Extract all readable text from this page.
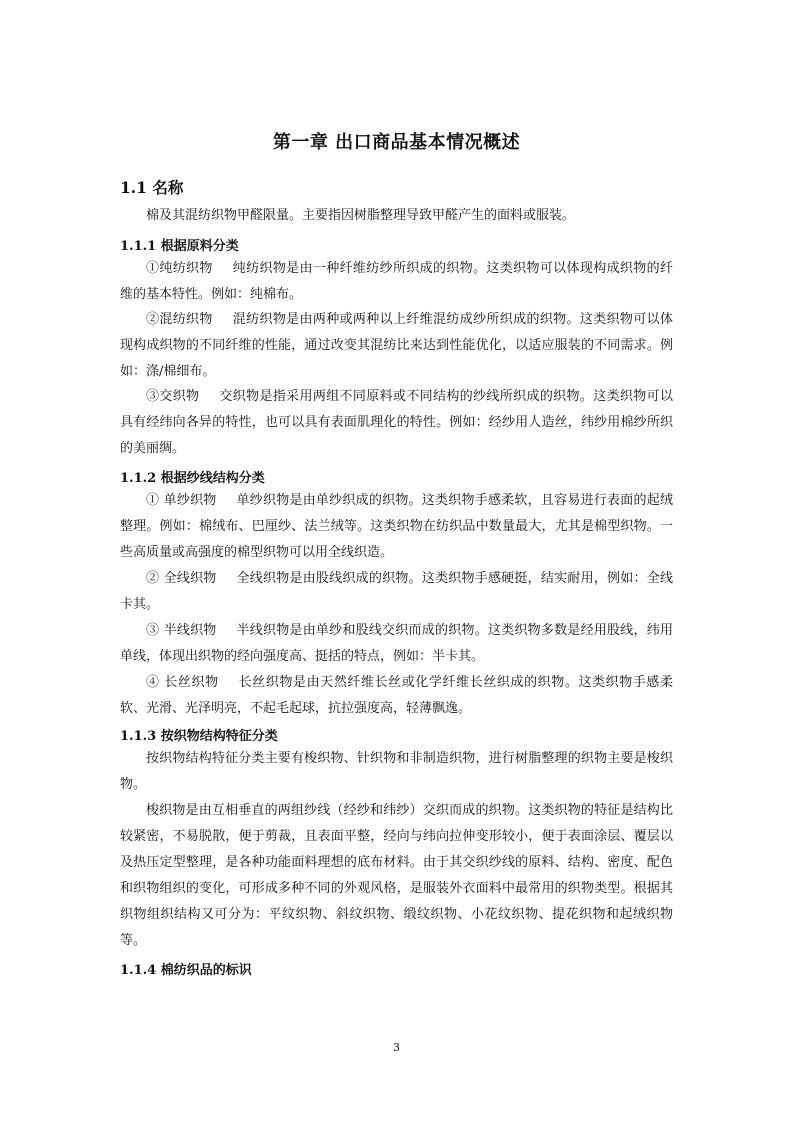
第一章 出口商品基本情况概述
1.1 名称
棉及其混纺织物甲醛限量。主要指因树脂整理导致甲醛产生的面料或服装。
1.1.1 根据原料分类
①纯纺织物 纯纺织物是由一种纤维纺纱所织成的织物。这类织物可以体现构成织物的纤维的基本特性。例如：纯棉布。
②混纺织物 混纺织物是由两种或两种以上纤维混纺成纱所织成的织物。这类织物可以体现构成织物的不同纤维的性能，通过改变其混纺比来达到性能优化，以适应服装的不同需求。例如：涤/棉细布。
③交织物 交织物是指采用两组不同原料或不同结构的纱线所织成的织物。这类织物可以具有经纬向各异的特性，也可以具有表面肌理化的特性。例如：经纱用人造丝，纬纱用棉纱所织的美丽绸。
1.1.2 根据纱线结构分类
① 单纱织物 单纱织物是由单纱织成的织物。这类织物手感柔软，且容易进行表面的起绒整理。例如：棉绒布、巴厘纱、法兰绒等。这类织物在纺织品中数量最大，尤其是棉型织物。一些高质量或高强度的棉型织物可以用全线织造。
② 全线织物 全线织物是由股线织成的织物。这类织物手感硬挺，结实耐用，例如：全线卡其。
③ 半线织物 半线织物是由单纱和股线交织而成的织物。这类织物多数是经用股线，纬用单线，体现出织物的经向强度高、挺括的特点，例如：半卡其。
④ 长丝织物 长丝织物是由天然纤维长丝或化学纤维长丝织成的织物。这类织物手感柔软、光滑、光泽明亮，不起毛起球，抗拉强度高，轻薄飘逸。
1.1.3 按织物结构特征分类
按织物结构特征分类主要有梭织物、针织物和非制造织物，进行树脂整理的织物主要是梭织物。
梭织物是由互相垂直的两组纱线（经纱和纬纱）交织而成的织物。这类织物的特征是结构比较紧密，不易脱散，便于剪裁，且表面平整，经向与纬向拉伸变形较小，便于表面涂层、覆层以及热压定型整理，是各种功能面料理想的底布材料。由于其交织纱线的原料、结构、密度、配色和织物组织的变化，可形成多种不同的外观风格，是服装外衣面料中最常用的织物类型。根据其织物组织结构又可分为：平纹织物、斜纹织物、缎纹织物、小花纹织物、提花织物和起绒织物等。
1.1.4 棉纺织品的标识
3
